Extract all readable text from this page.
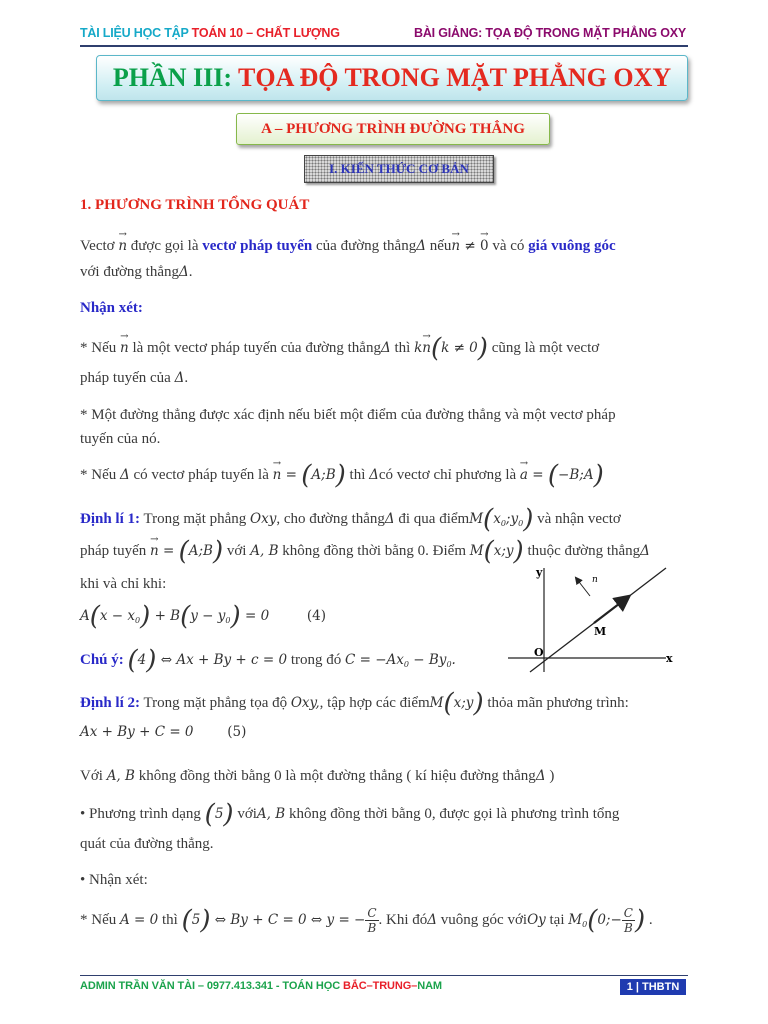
TÀI LIỆU HỌC TẬP TOÁN 10 – CHẤT LƯỢNG	BÀI GIẢNG: TỌA ĐỘ TRONG MẶT PHẲNG OXY
PHẦN III: TỌA ĐỘ TRONG MẶT PHẲNG OXY
A – PHƯƠNG TRÌNH ĐƯỜNG THẲNG
I. KIẾN THỨC CƠ BẢN
1. PHƯƠNG TRÌNH TỔNG QUÁT
Vectơ → n được gọi là vectơ pháp tuyến của đường thẳngΔ nếu→ n ≠ → 0 và có giá vuông góc
với đường thẳngΔ.
Nhận xét:
* Nếu → n là một vectơ pháp tuyến của đường thẳngΔ thì k→ n(k ≠ 0) cũng là một vectơ
pháp tuyến của Δ.
* Một đường thẳng được xác định nếu biết một điểm của đường thẳng và một vectơ pháp
tuyến của nó.
* Nếu Δ có vectơ pháp tuyến là → n = (A;B) thì Δcó vectơ chỉ phương là → a = (−B;A)
Định lí 1: Trong mặt phẳng Oxy, cho đường thẳngΔ đi qua $điểmM(x_0;y_0)$ và nhận vectơ
pháp tuyến → n = (A;B) với A, B không đồng thời bằng 0. Điểm M(x;y) thuộc đường thẳngΔ
khi và chỉ khi:
$A(x - x_0) + B(y - y_0) = 0$	(4)
Chú ý: (4) ⇔ Ax + By + c = 0 trong đó $C = -Ax_0 - By_0$.
y
x
O
M
n
Định lí 2: Trong mặt phẳng tọa độ Oxy,, tập hợp các điểmM(x;y) thỏa mãn phương trình:
Ax + By + C = 0	(5)
Với A, B không đồng thời bằng 0 là một đường thẳng ( kí hiệu đường thẳngΔ )
• Phương trình dạng (5) vớiA, B không đồng thời bằng 0, được gọi là phương trình tổng
quát của đường thẳng.
• Nhận xét:
* Nếu A = 0 thì (5) ⇔ By + C = 0 ⇔ y = − $\frac{C}{B}$. Khi đóΔ vuông góc vớiOy tại $M_0(0;- \frac{C}{B})$ .
ADMIN TRẦN VĂN TÀI – 0977.413.341 - TOÁN HỌC BẮC–TRUNG–NAM	1 | THBTN
